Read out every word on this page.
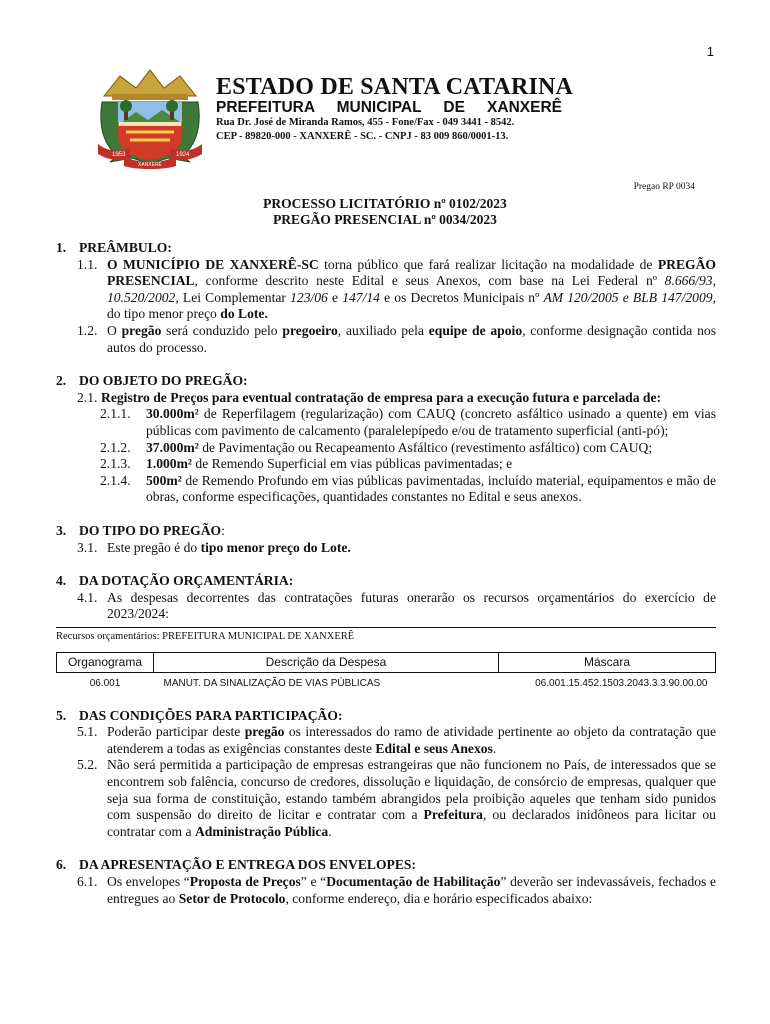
1
1953	1924
XANXERÊ
ESTADO DE SANTA CATARINA
PREFEITURA MUNICIPAL DE XANXERÊ
Rua Dr. José de Miranda Ramos, 455 - Fone/Fax - 049 3441 - 8542.
CEP - 89820-000 - XANXERÊ - SC. - CNPJ - 83 009 860/0001-13.
Pregao RP 0034
PROCESSO LICITATÓRIO nº 0102/2023
PREGÃO PRESENCIAL nº 0034/2023
1. PREÂMBULO:
1.1. O MUNICÍPIO DE XANXERÊ-SC torna público que fará realizar licitação na modalidade de PREGÃO PRESENCIAL, conforme descrito neste Edital e seus Anexos, com base na Lei Federal nº 8.666/93, 10.520/2002, Lei Complementar 123/06 e 147/14 e os Decretos Municipais nº AM 120/2005 e BLB 147/2009, do tipo menor preço do Lote.
1.2. O pregão será conduzido pelo pregoeiro, auxiliado pela equipe de apoio, conforme designação contida nos autos do processo.
2. DO OBJETO DO PREGÃO:
2.1. Registro de Preços para eventual contratação de empresa para a execução futura e parcelada de:
2.1.1.	30.000m² de Reperfilagem (regularização) com CAUQ (concreto asfáltico usinado a quente) em vias públicas com pavimento de calcamento (paralelepípedo e/ou de tratamento superficial (anti-pó);
2.1.2.	37.000m² de Pavimentação ou Recapeamento Asfáltico (revestimento asfáltico) com CAUQ;
2.1.3.	1.000m² de Remendo Superficial em vias públicas pavimentadas; e
2.1.4.	500m² de Remendo Profundo em vias públicas pavimentadas, incluído material, equipamentos e mão de obras, conforme especificações, quantidades constantes no Edital e seus anexos.
3. DO TIPO DO PREGÃO :
3.1. Este pregão é do tipo menor preço do Lote.
4. DA DOTAÇÃO ORÇAMENTÁRIA:
4.1. As despesas decorrentes das contratações futuras onerarão os recursos orçamentários do exercício de 2023/2024:
Recursos orçamentários: PREFEITURA MUNICIPAL DE XANXERÊ
Organograma	Descrição da Despesa	Máscara
06.001	MANUT. DA SINALIZAÇÃO DE VIAS PÚBLICAS	06.001.15.452.1503.2043.3.3.90.00.00
5. DAS CONDIÇÕES PARA PARTICIPAÇÃO:
5.1. Poderão participar deste pregão os interessados do ramo de atividade pertinente ao objeto da contratação que atenderem a todas as exigências constantes deste Edital e seus Anexos.
5.2. Não será permitida a participação de empresas estrangeiras que não funcionem no País, de interessados que se encontrem sob falência, concurso de credores, dissolução e liquidação, de consórcio de empresas, qualquer que seja sua forma de constituição, estando também abrangidos pela proibição aqueles que tenham sido punidos com suspensão do direito de licitar e contratar com a Prefeitura, ou declarados inidôneos para licitar ou contratar com a Administração Pública.
6. DA APRESENTAÇÃO E ENTREGA DOS ENVELOPES:
6.1. Os envelopes “Proposta de Preços” e “Documentação de Habilitação” deverão ser indevassáveis, fechados e entregues ao Setor de Protocolo, conforme endereço, dia e horário especificados abaixo:
